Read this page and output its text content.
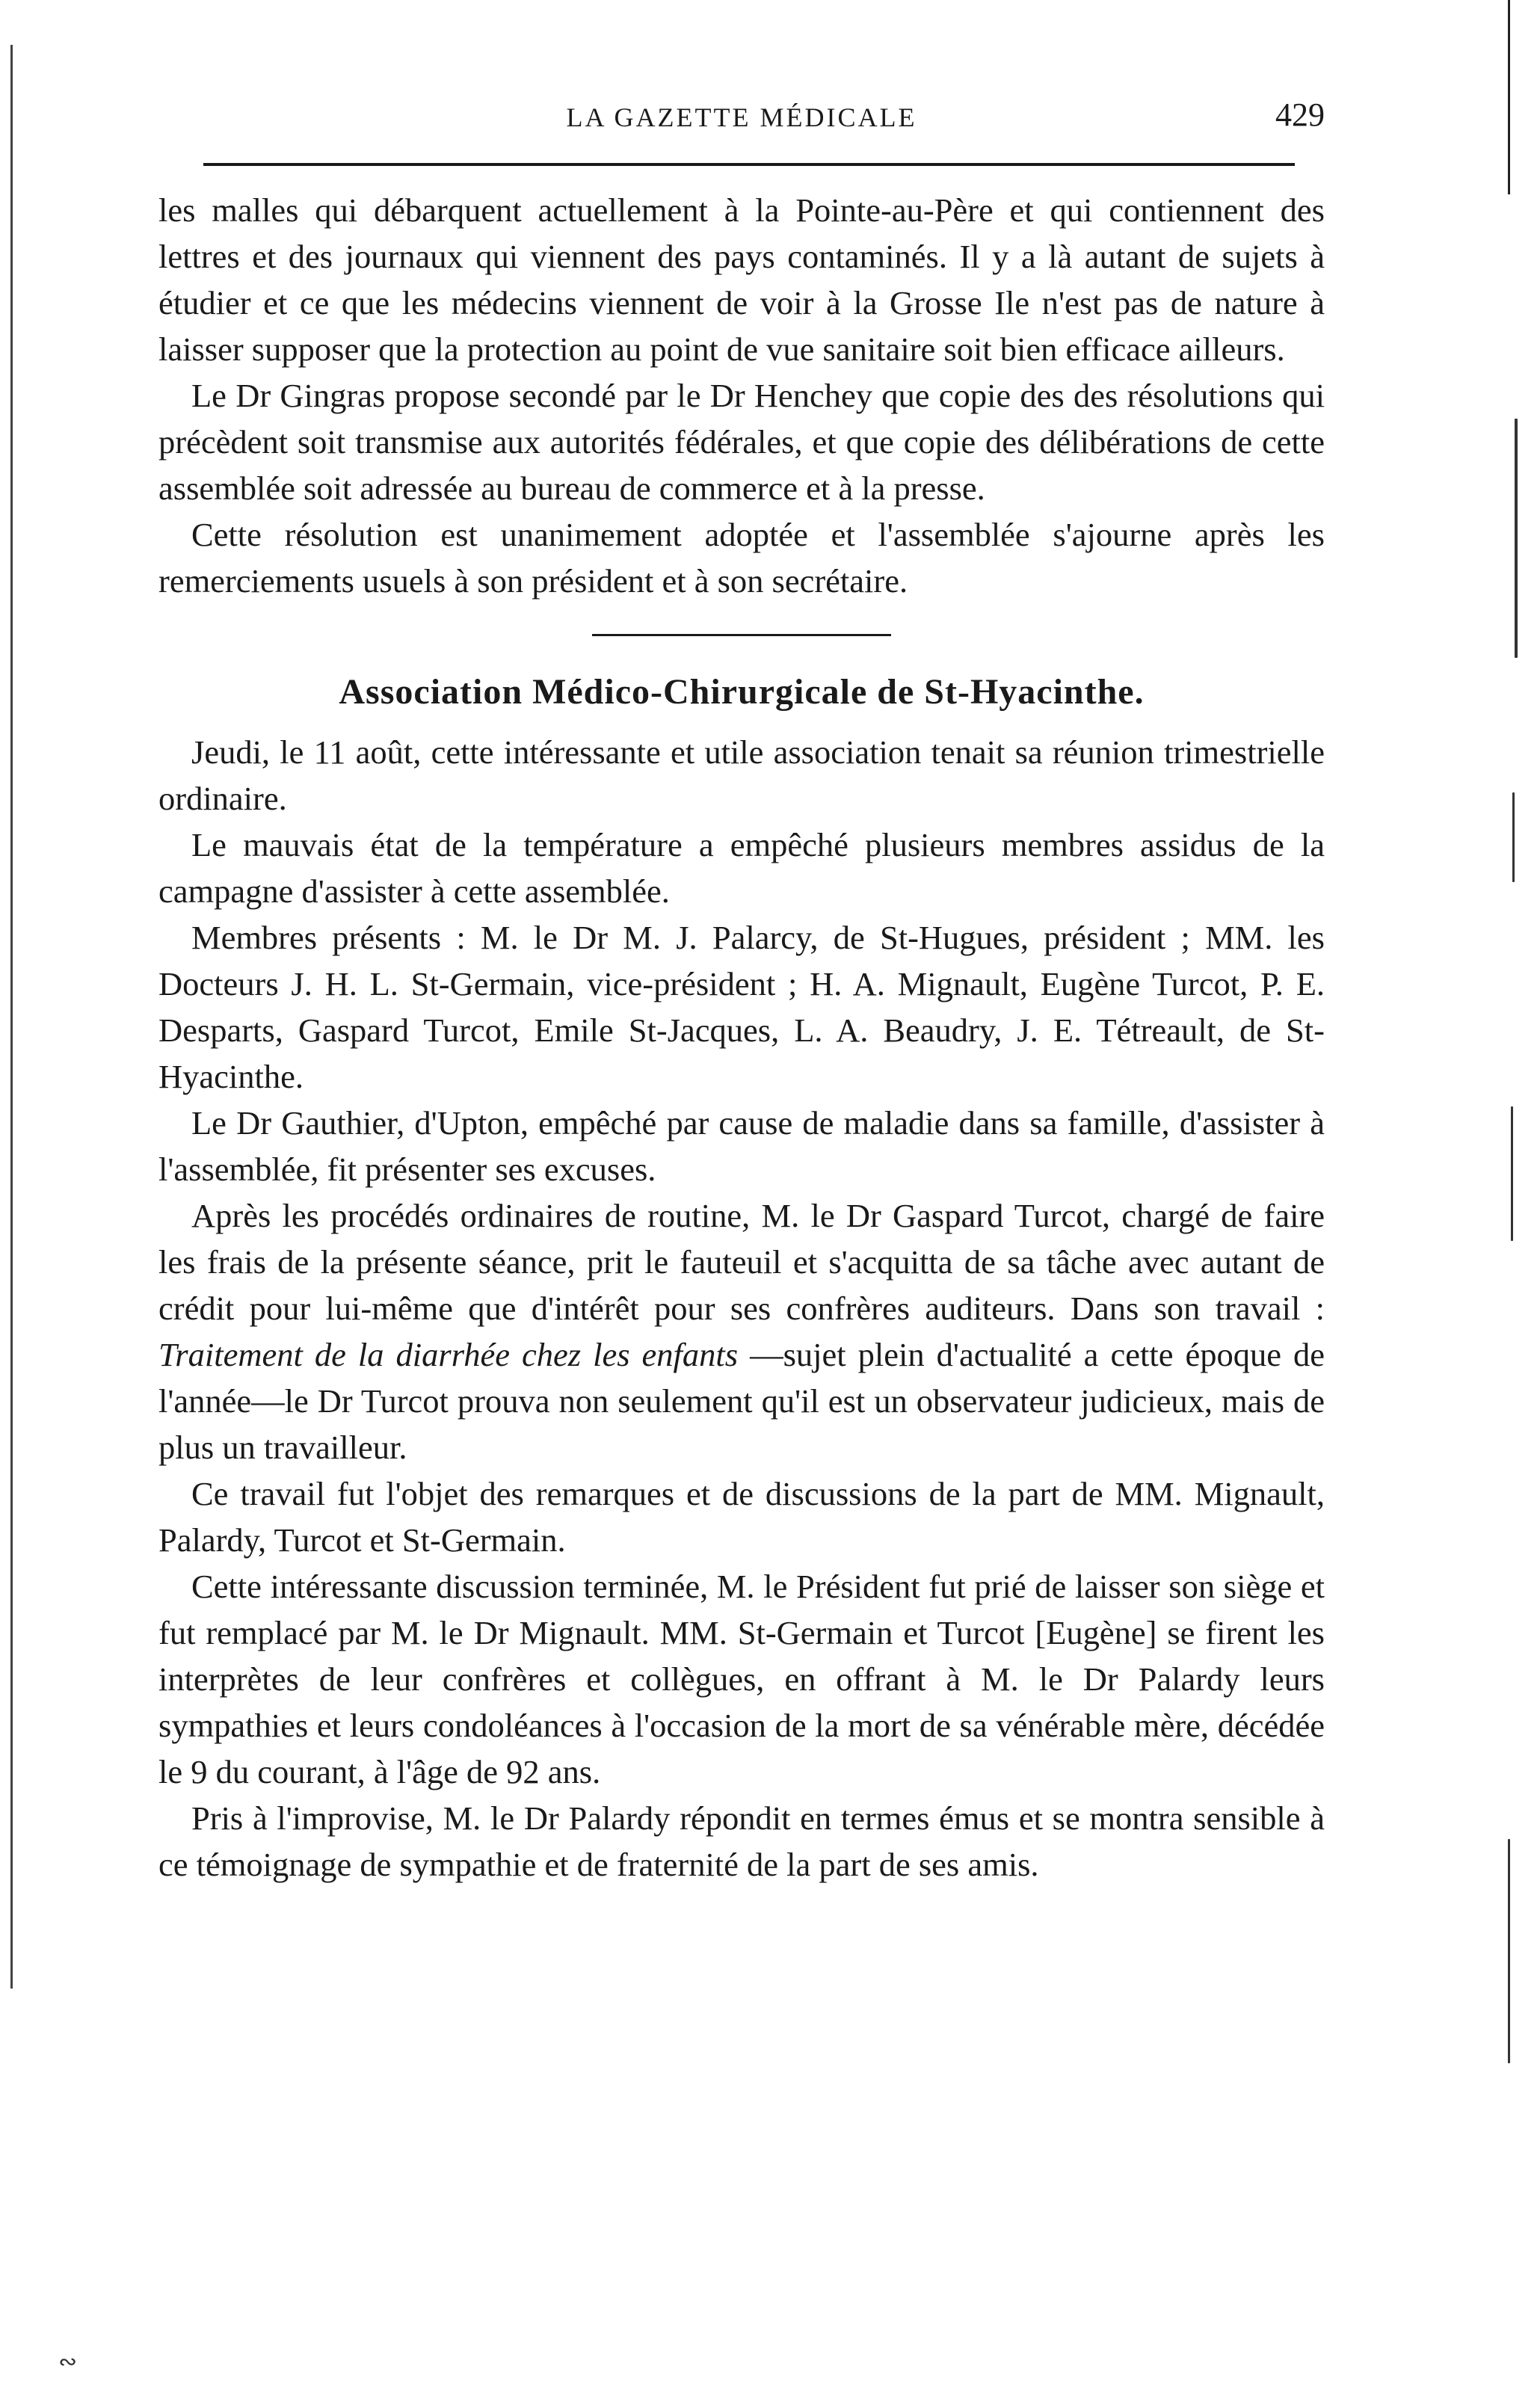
LA GAZETTE MÉDICALE	429

les malles qui débarquent actuellement à la Pointe-au-Père et qui contiennent des lettres et des journaux qui viennent des pays contaminés. Il y a là autant de sujets à étudier et ce que les médecins viennent de voir à la Grosse Ile n'est pas de nature à laisser supposer que la protection au point de vue sanitaire soit bien efficace ailleurs.

Le Dr Gingras propose secondé par le Dr Henchey que copie des des résolutions qui précèdent soit transmise aux autorités fédérales, et que copie des délibérations de cette assemblée soit adressée au bureau de commerce et à la presse.

Cette résolution est unanimement adoptée et l'assemblée s'ajourne après les remerciements usuels à son président et à son secrétaire.

Association Médico-Chirurgicale de St-Hyacinthe.

Jeudi, le 11 août, cette intéressante et utile association tenait sa réunion trimestrielle ordinaire.

Le mauvais état de la température a empêché plusieurs membres assidus de la campagne d'assister à cette assemblée.

Membres présents : M. le Dr M. J. Palarcy, de St-Hugues, président ; MM. les Docteurs J. H. L. St-Germain, vice-président ; H. A. Mignault, Eugène Turcot, P. E. Desparts, Gaspard Turcot, Emile St-Jacques, L. A. Beaudry, J. E. Tétreault, de St-Hyacinthe.

Le Dr Gauthier, d'Upton, empêché par cause de maladie dans sa famille, d'assister à l'assemblée, fit présenter ses excuses.

Après les procédés ordinaires de routine, M. le Dr Gaspard Turcot, chargé de faire les frais de la présente séance, prit le fauteuil et s'acquitta de sa tâche avec autant de crédit pour lui-même que d'intérêt pour ses confrères auditeurs. Dans son travail : Traitement de la diarrhée chez les enfants —sujet plein d'actualité a cette époque de l'année—le Dr Turcot prouva non seulement qu'il est un observateur judicieux, mais de plus un travailleur.

Ce travail fut l'objet des remarques et de discussions de la part de MM. Mignault, Palardy, Turcot et St-Germain.

Cette intéressante discussion terminée, M. le Président fut prié de laisser son siège et fut remplacé par M. le Dr Mignault. MM. St-Germain et Turcot [Eugène] se firent les interprètes de leur confrères et collègues, en offrant à M. le Dr Palardy leurs sympathies et leurs condoléances à l'occasion de la mort de sa vénérable mère, décédée le 9 du courant, à l'âge de 92 ans.

Pris à l'improvise, M. le Dr Palardy répondit en termes émus et se montra sensible à ce témoignage de sympathie et de fraternité de la part de ses amis.

∾
